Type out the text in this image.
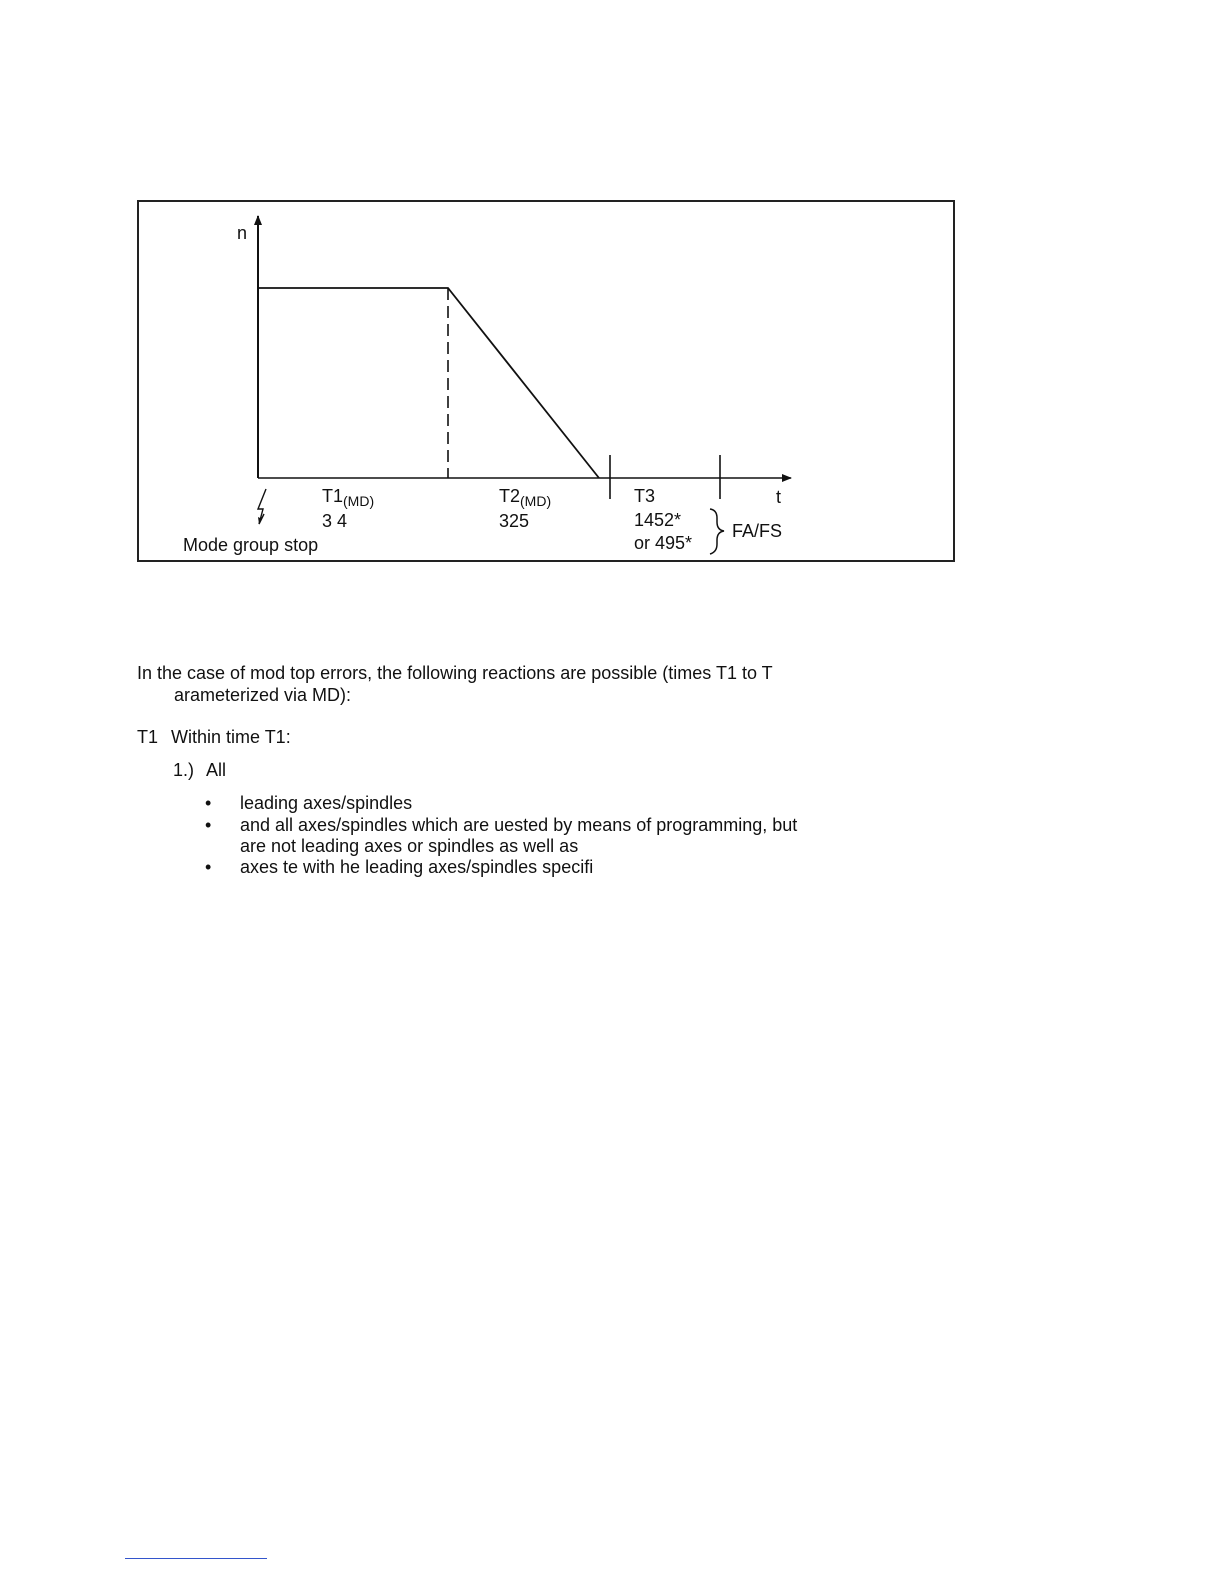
n
t
$T1_{(MD)}$
3 4
$T2_{(MD)}$
325
T3
1452*
or 495*
FA/FS
Mode group stop
In the case of mod top errors, the following reactions are possible (times T1 to T
arameterized via MD):
T1 Within time T1:
1.) All
• leading axes/spindles
• and all axes/spindles which are uested by means of programming, but
are not leading axes or spindles as well as
• axes te with he leading axes/spindles specifi
